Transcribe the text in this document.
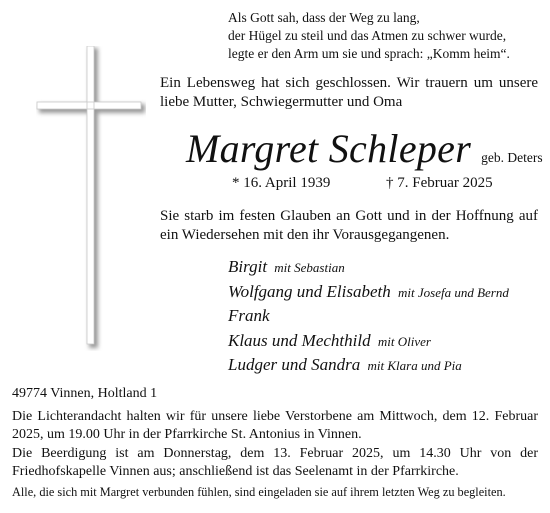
Als Gott sah, dass der Weg zu lang,
der Hügel zu steil und das Atmen zu schwer wurde,
legte er den Arm um sie und sprach: „Komm heim“.
Ein Lebensweg hat sich geschlossen. Wir trauern um unsere liebe Mutter, Schwiegermutter und Oma
Margret Schleper geb. Deters
* 16. April 1939	† 7. Februar 2025
Sie starb im festen Glauben an Gott und in der Hoffnung auf ein Wiedersehen mit den ihr Vorausgegangenen.
Birgit mit Sebastian
Wolfgang und Elisabeth mit Josefa und Bernd
Frank
Klaus und Mechthild mit Oliver
Ludger und Sandra mit Klara und Pia
49774 Vinnen, Holtland 1
Die Lichterandacht halten wir für unsere liebe Verstorbene am Mittwoch, dem 12. Februar 2025, um 19.00 Uhr in der Pfarrkirche St. Antonius in Vinnen.
Die Beerdigung ist am Donnerstag, dem 13. Februar 2025, um 14.30 Uhr von der Friedhofskapelle Vinnen aus; anschließend ist das Seelenamt in der Pfarrkirche.
Alle, die sich mit Margret verbunden fühlen, sind eingeladen sie auf ihrem letzten Weg zu begleiten.
